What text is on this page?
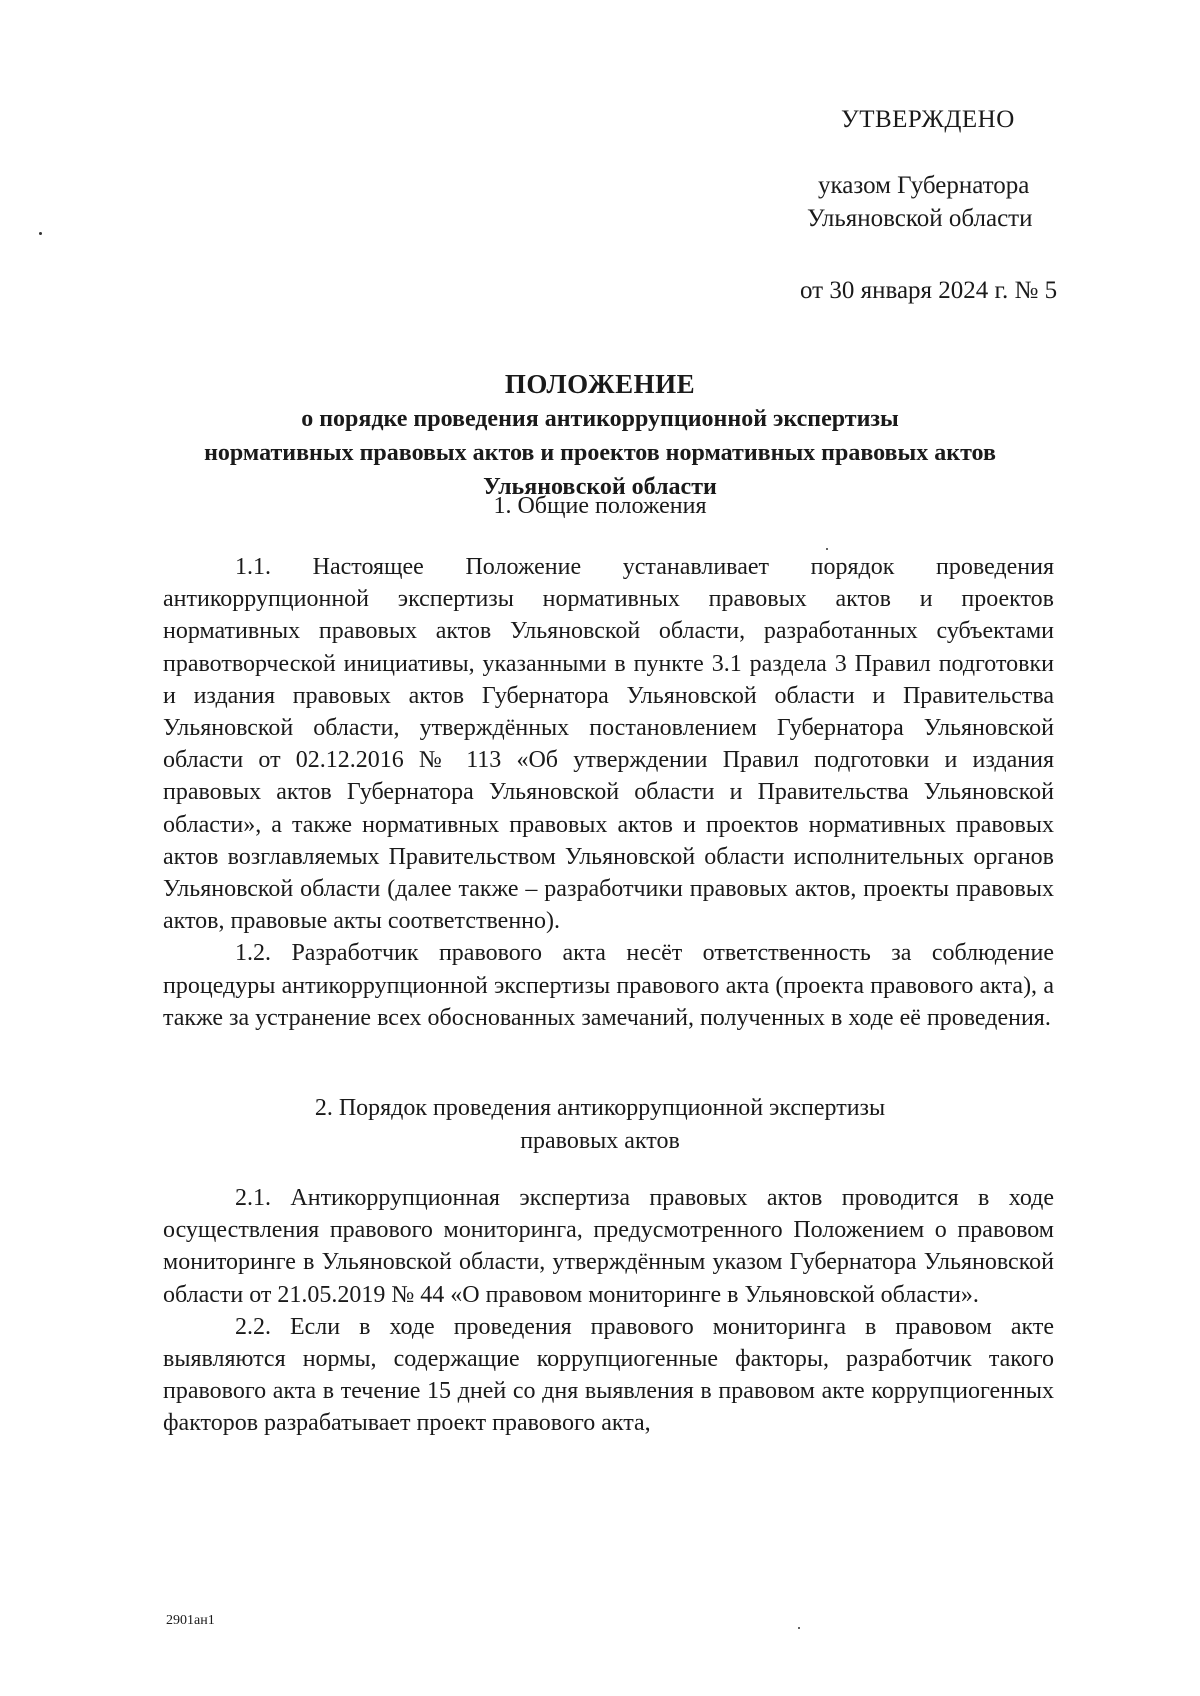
УТВЕРЖДЕНО
указом Губернатора
Ульяновской области
от 30 января 2024 г. № 5
ПОЛОЖЕНИЕ
о порядке проведения антикоррупционной экспертизы
нормативных правовых актов и проектов нормативных правовых актов
Ульяновской области
1. Общие положения

1.1. Настоящее Положение устанавливает порядок проведения антикоррупционной экспертизы нормативных правовых актов и проектов нормативных правовых актов Ульяновской области, разработанных субъектами правотворческой инициативы, указанными в пункте 3.1 раздела 3 Правил подготовки и издания правовых актов Губернатора Ульяновской области и Правительства Ульяновской области, утверждённых постановлением Губернатора Ульяновской области от 02.12.2016 № 113 «Об утверждении Правил подготовки и издания правовых актов Губернатора Ульяновской области и Правительства Ульяновской области», а также нормативных правовых актов и проектов нормативных правовых актов возглавляемых Правительством Ульяновской области исполнительных органов Ульяновской области (далее также – разработчики правовых актов, проекты правовых актов, правовые акты соответственно).

1.2. Разработчик правового акта несёт ответственность за соблюдение процедуры антикоррупционной экспертизы правового акта (проекта правового акта), а также за устранение всех обоснованных замечаний, полученных в ходе её проведения.

2. Порядок проведения антикоррупционной экспертизы
правовых актов

2.1. Антикоррупционная экспертиза правовых актов проводится в ходе осуществления правового мониторинга, предусмотренного Положением о правовом мониторинге в Ульяновской области, утверждённым указом Губернатора Ульяновской области от 21.05.2019 № 44 «О правовом мониторинге в Ульяновской области».

2.2. Если в ходе проведения правового мониторинга в правовом акте выявляются нормы, содержащие коррупциогенные факторы, разработчик такого правового акта в течение 15 дней со дня выявления в правовом акте коррупциогенных факторов разрабатывает проект правового акта,

2901ан1
